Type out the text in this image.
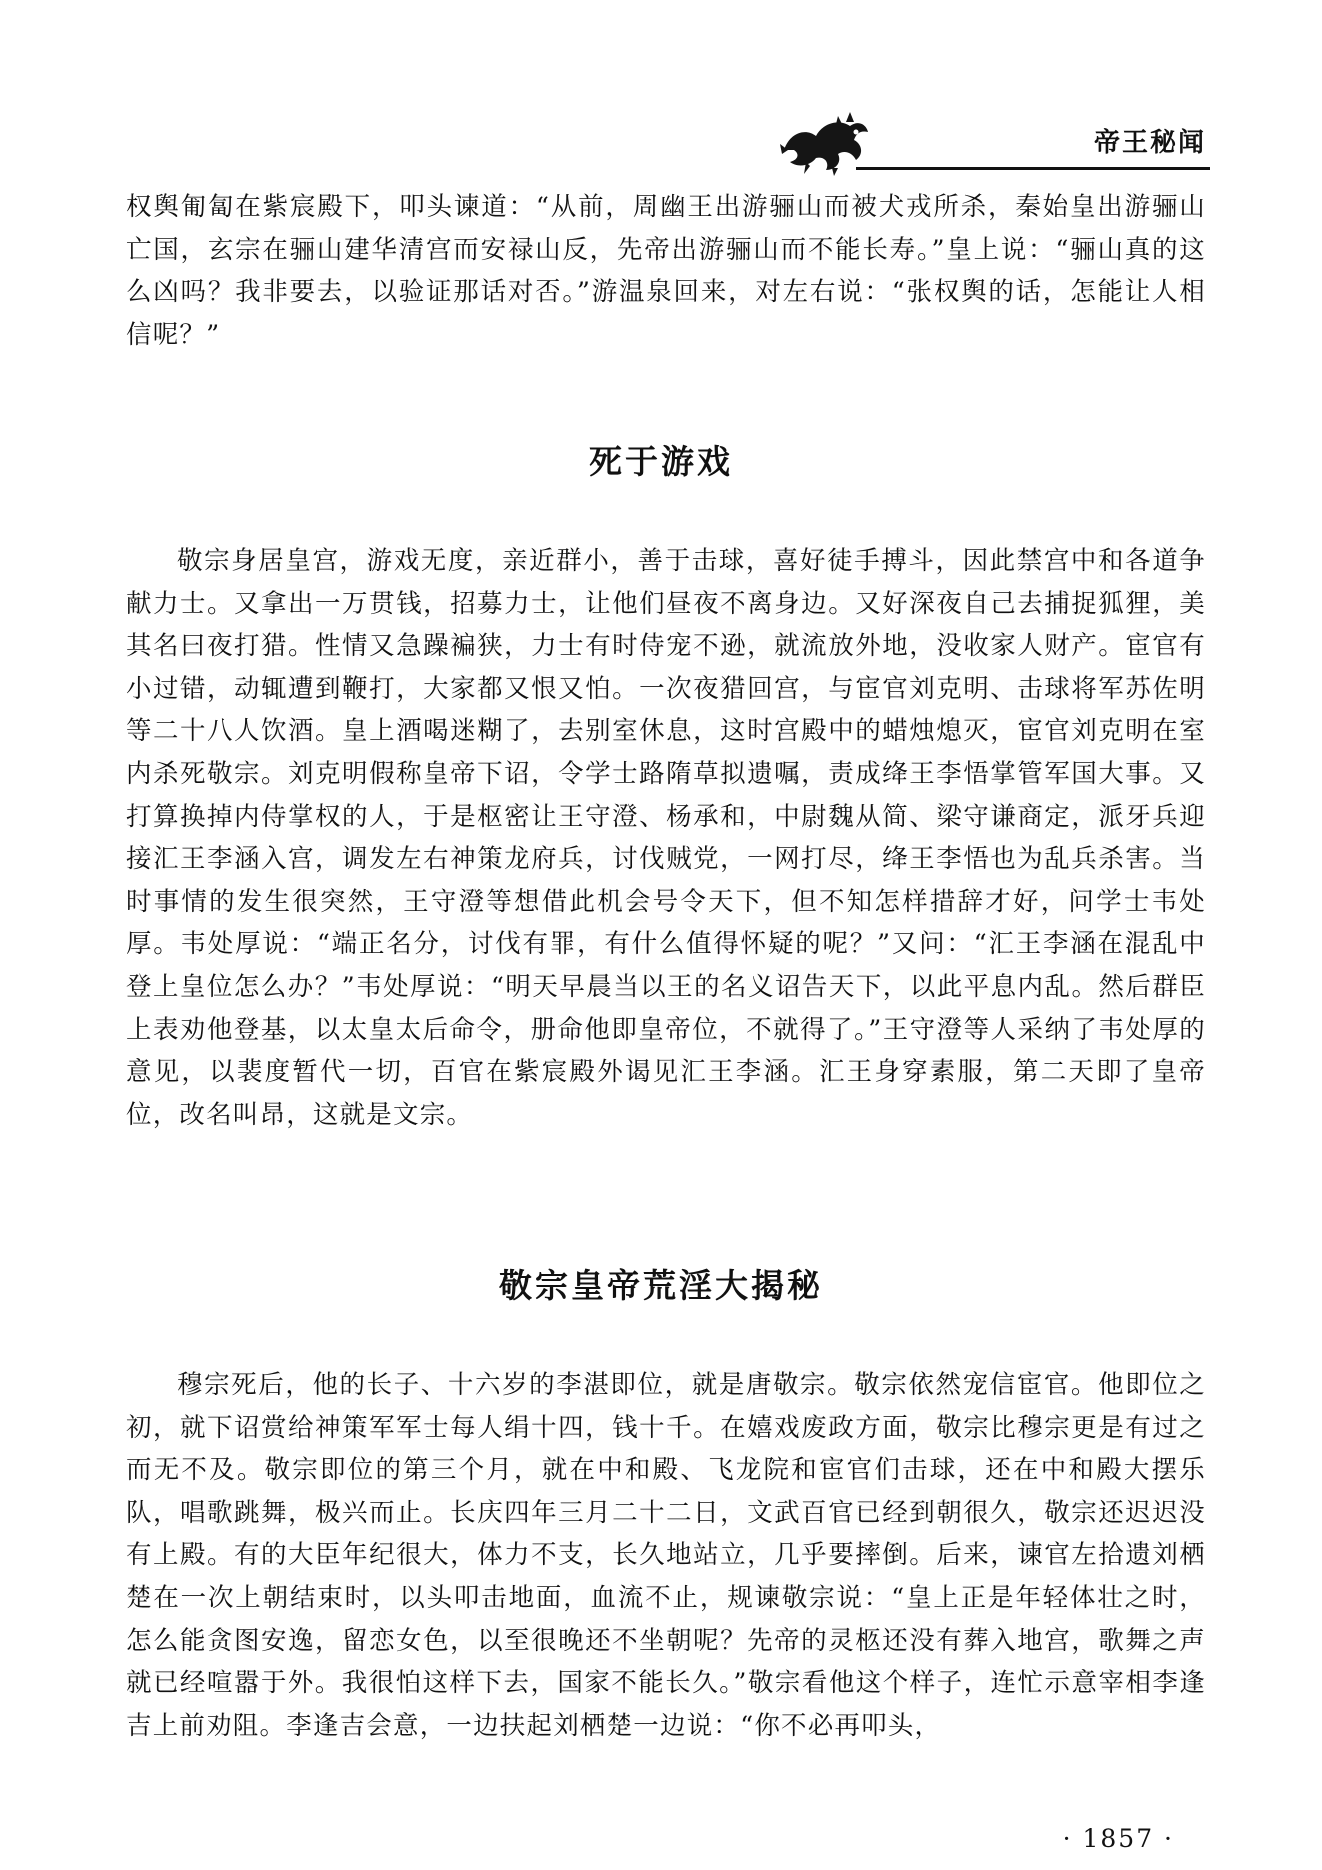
帝王秘闻

权舆匍匐在紫宸殿下，叩头谏道：“从前，周幽王出游骊山而被犬戎所杀，秦始皇出游骊山亡国，玄宗在骊山建华清宫而安禄山反，先帝出游骊山而不能长寿。”皇上说：“骊山真的这么凶吗？我非要去，以验证那话对否。”游温泉回来，对左右说：“张权舆的话，怎能让人相信呢？”

死于游戏

敬宗身居皇宫，游戏无度，亲近群小，善于击球，喜好徒手搏斗，因此禁宫中和各道争献力士。又拿出一万贯钱，招募力士，让他们昼夜不离身边。又好深夜自己去捕捉狐狸，美其名曰夜打猎。性情又急躁褊狭，力士有时侍宠不逊，就流放外地，没收家人财产。宦官有小过错，动辄遭到鞭打，大家都又恨又怕。一次夜猎回宫，与宦官刘克明、击球将军苏佐明等二十八人饮酒。皇上酒喝迷糊了，去别室休息，这时宫殿中的蜡烛熄灭，宦官刘克明在室内杀死敬宗。刘克明假称皇帝下诏，令学士路隋草拟遗嘱，责成绛王李悟掌管军国大事。又打算换掉内侍掌权的人，于是枢密让王守澄、杨承和，中尉魏从简、梁守谦商定，派牙兵迎接汇王李涵入宫，调发左右神策龙府兵，讨伐贼党，一网打尽，绛王李悟也为乱兵杀害。当时事情的发生很突然，王守澄等想借此机会号令天下，但不知怎样措辞才好，问学士韦处厚。韦处厚说：“端正名分，讨伐有罪，有什么值得怀疑的呢？”又问：“汇王李涵在混乱中登上皇位怎么办？”韦处厚说：“明天早晨当以王的名义诏告天下，以此平息内乱。然后群臣上表劝他登基，以太皇太后命令，册命他即皇帝位，不就得了。”王守澄等人采纳了韦处厚的意见，以裴度暂代一切，百官在紫宸殿外谒见汇王李涵。汇王身穿素服，第二天即了皇帝位，改名叫昂，这就是文宗。

敬宗皇帝荒淫大揭秘

穆宗死后，他的长子、十六岁的李湛即位，就是唐敬宗。敬宗依然宠信宦官。他即位之初，就下诏赏给神策军军士每人绢十四，钱十千。在嬉戏废政方面，敬宗比穆宗更是有过之而无不及。敬宗即位的第三个月，就在中和殿、飞龙院和宦官们击球，还在中和殿大摆乐队，唱歌跳舞，极兴而止。长庆四年三月二十二日，文武百官已经到朝很久，敬宗还迟迟没有上殿。有的大臣年纪很大，体力不支，长久地站立，几乎要摔倒。后来，谏官左拾遗刘栖楚在一次上朝结束时，以头叩击地面，血流不止，规谏敬宗说：“皇上正是年轻体壮之时，怎么能贪图安逸，留恋女色，以至很晚还不坐朝呢？先帝的灵柩还没有葬入地宫，歌舞之声就已经喧嚣于外。我很怕这样下去，国家不能长久。”敬宗看他这个样子，连忙示意宰相李逢吉上前劝阻。李逢吉会意，一边扶起刘栖楚一边说：“你不必再叩头，

· 1857 ·
